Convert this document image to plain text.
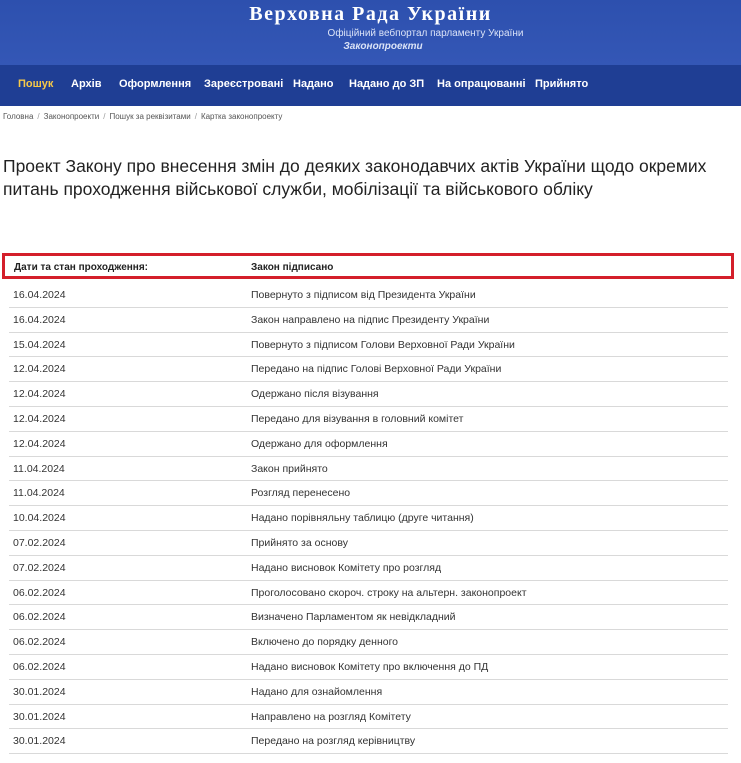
Верховна Рада України
Офіційний вебпортал парламенту України
Законопроекти
Пошук Архів Оформлення Зареєстровані Надано Надано до ЗП На опрацюванні Прийнято
Головна / Законопроекти / Пошук за реквізитами / Картка законопроекту
Проект Закону про внесення змін до деяких законодавчих актів України щодо окремих питань проходження військової служби, мобілізації та військового обліку
Дати та стан проходження:	Закон підписано
16.04.2024	Повернуто з підписом від Президента України
16.04.2024	Закон направлено на підпис Президенту України
15.04.2024	Повернуто з підписом Голови Верховної Ради України
12.04.2024	Передано на підпис Голові Верховної Ради України
12.04.2024	Одержано після візування
12.04.2024	Передано для візування в головний комітет
12.04.2024	Одержано для оформлення
11.04.2024	Закон прийнято
11.04.2024	Розгляд перенесено
10.04.2024	Надано порівняльну таблицю (друге читання)
07.02.2024	Прийнято за основу
07.02.2024	Надано висновок Комітету про розгляд
06.02.2024	Проголосовано скороч. строку на альтерн. законопроект
06.02.2024	Визначено Парламентом як невідкладний
06.02.2024	Включено до порядку денного
06.02.2024	Надано висновок Комітету про включення до ПД
30.01.2024	Надано для ознайомлення
30.01.2024	Направлено на розгляд Комітету
30.01.2024	Передано на розгляд керівництву
